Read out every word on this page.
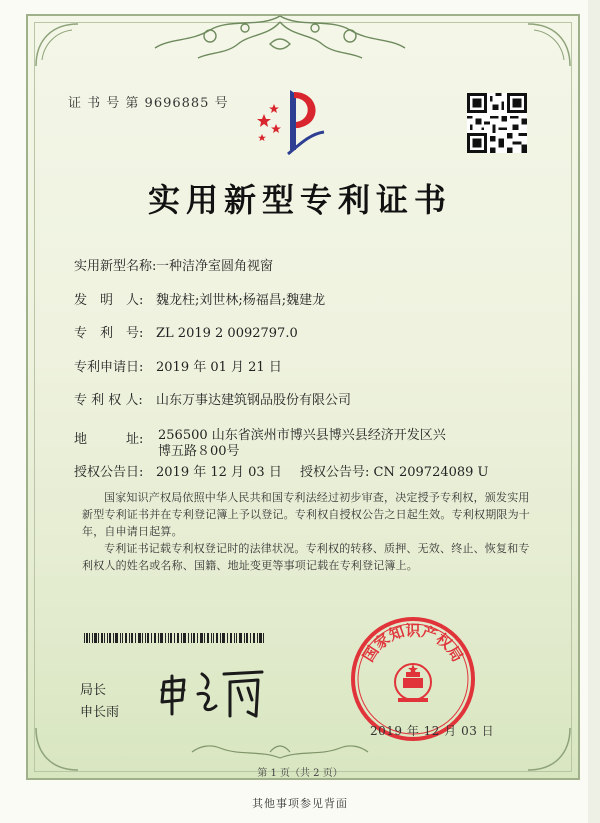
证 书 号 第 9696885 号
实用新型专利证书
实用新型名称:一种洁净室圆角视窗
发　明　人: 魏龙柱;刘世林;杨福昌;魏建龙
专　利　号: ZL 2019 2 0092797.0
专利申请日: 2019 年 01 月 21 日
专 利 权 人: 山东万事达建筑钢品股份有限公司
地　　　址:	256500 山东省滨州市博兴县博兴县经济开发区兴博五路８00号
授权公告日: 2019 年 12 月 03 日 授权公告号: CN 209724089 U
国家知识产权局依照中华人民共和国专利法经过初步审查，决定授予专利权，颁发实用新型专利证书并在专利登记簿上予以登记。专利权自授权公告之日起生效。专利权期限为十年，自申请日起算。
专利证书记载专利权登记时的法律状况。专利权的转移、质押、无效、终止、恢复和专利权人的姓名或名称、国籍、地址变更等事项记载在专利登记簿上。
局长
申长雨
国家知识产权局
2019 年 12 月 03 日
第 1 页（共 2 页）
其他事项参见背面
